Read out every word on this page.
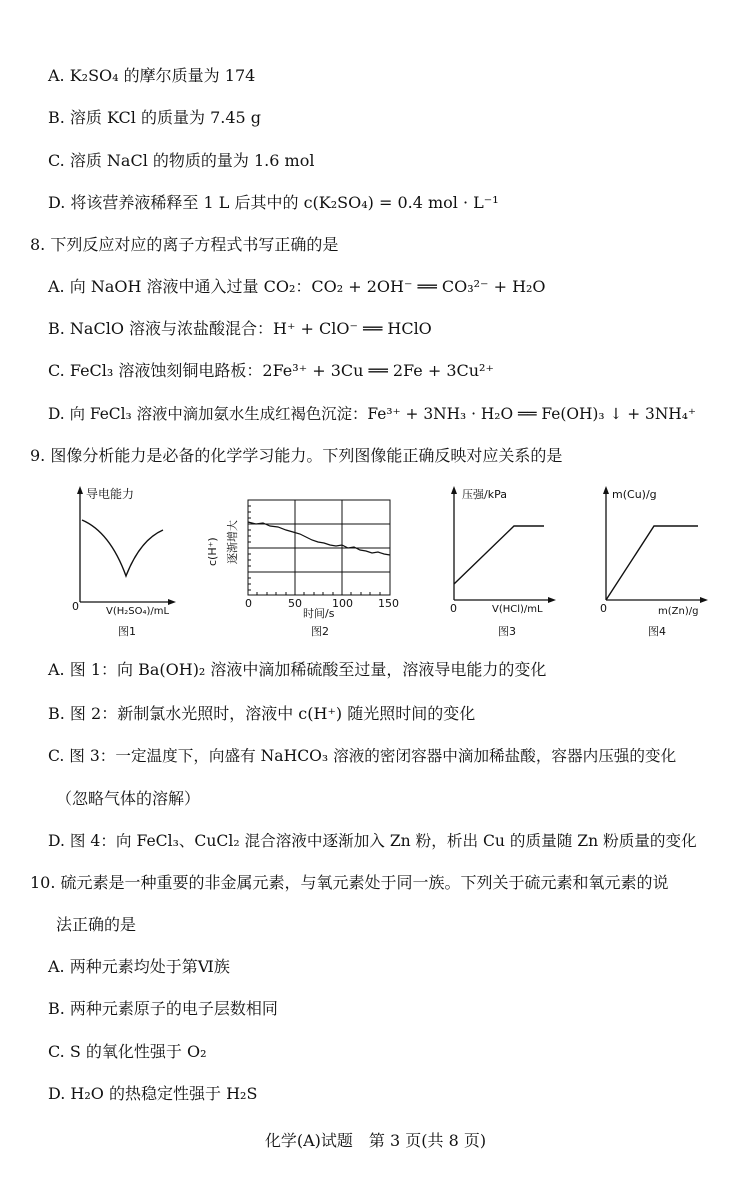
A. K₂SO₄ 的摩尔质量为 174
B. 溶质 KCl 的质量为 7.45 g
C. 溶质 NaCl 的物质的量为 1.6 mol
D. 将该营养液稀释至 1 L 后其中的 c(K₂SO₄) = 0.4 mol · L⁻¹
8. 下列反应对应的离子方程式书写正确的是
A. 向 NaOH 溶液中通入过量 CO₂：CO₂ + 2OH⁻ ══ CO₃²⁻ + H₂O
B. NaClO 溶液与浓盐酸混合：H⁺ + ClO⁻ ══ HClO
C. FeCl₃ 溶液蚀刻铜电路板：2Fe³⁺ + 3Cu ══ 2Fe + 3Cu²⁺
D. 向 FeCl₃ 溶液中滴加氨水生成红褐色沉淀：Fe³⁺ + 3NH₃ · H₂O ══ Fe(OH)₃ ↓ + 3NH₄⁺
9. 图像分析能力是必备的化学学习能力。下列图像能正确反映对应关系的是
导电能力
0	V(H₂SO₄)/mL
图1
c(H⁺) 逐渐增大
0	50	100 150
时间/s
图2
压强/kPa
0	V(HCl)/mL
图3
m(Cu)/g
0	m(Zn)/g
图4
A. 图 1：向 Ba(OH)₂ 溶液中滴加稀硫酸至过量，溶液导电能力的变化
B. 图 2：新制氯水光照时，溶液中 c(H⁺) 随光照时间的变化
C. 图 3：一定温度下，向盛有 NaHCO₃ 溶液的密闭容器中滴加稀盐酸，容器内压强的变化
（忽略气体的溶解）
D. 图 4：向 FeCl₃、CuCl₂ 混合溶液中逐渐加入 Zn 粉，析出 Cu 的质量随 Zn 粉质量的变化
10. 硫元素是一种重要的非金属元素，与氧元素处于同一族。下列关于硫元素和氧元素的说
法正确的是
A. 两种元素均处于第Ⅵ族
B. 两种元素原子的电子层数相同
C. S 的氧化性强于 O₂
D. H₂O 的热稳定性强于 H₂S
化学(A)试题　第 3 页(共 8 页)
